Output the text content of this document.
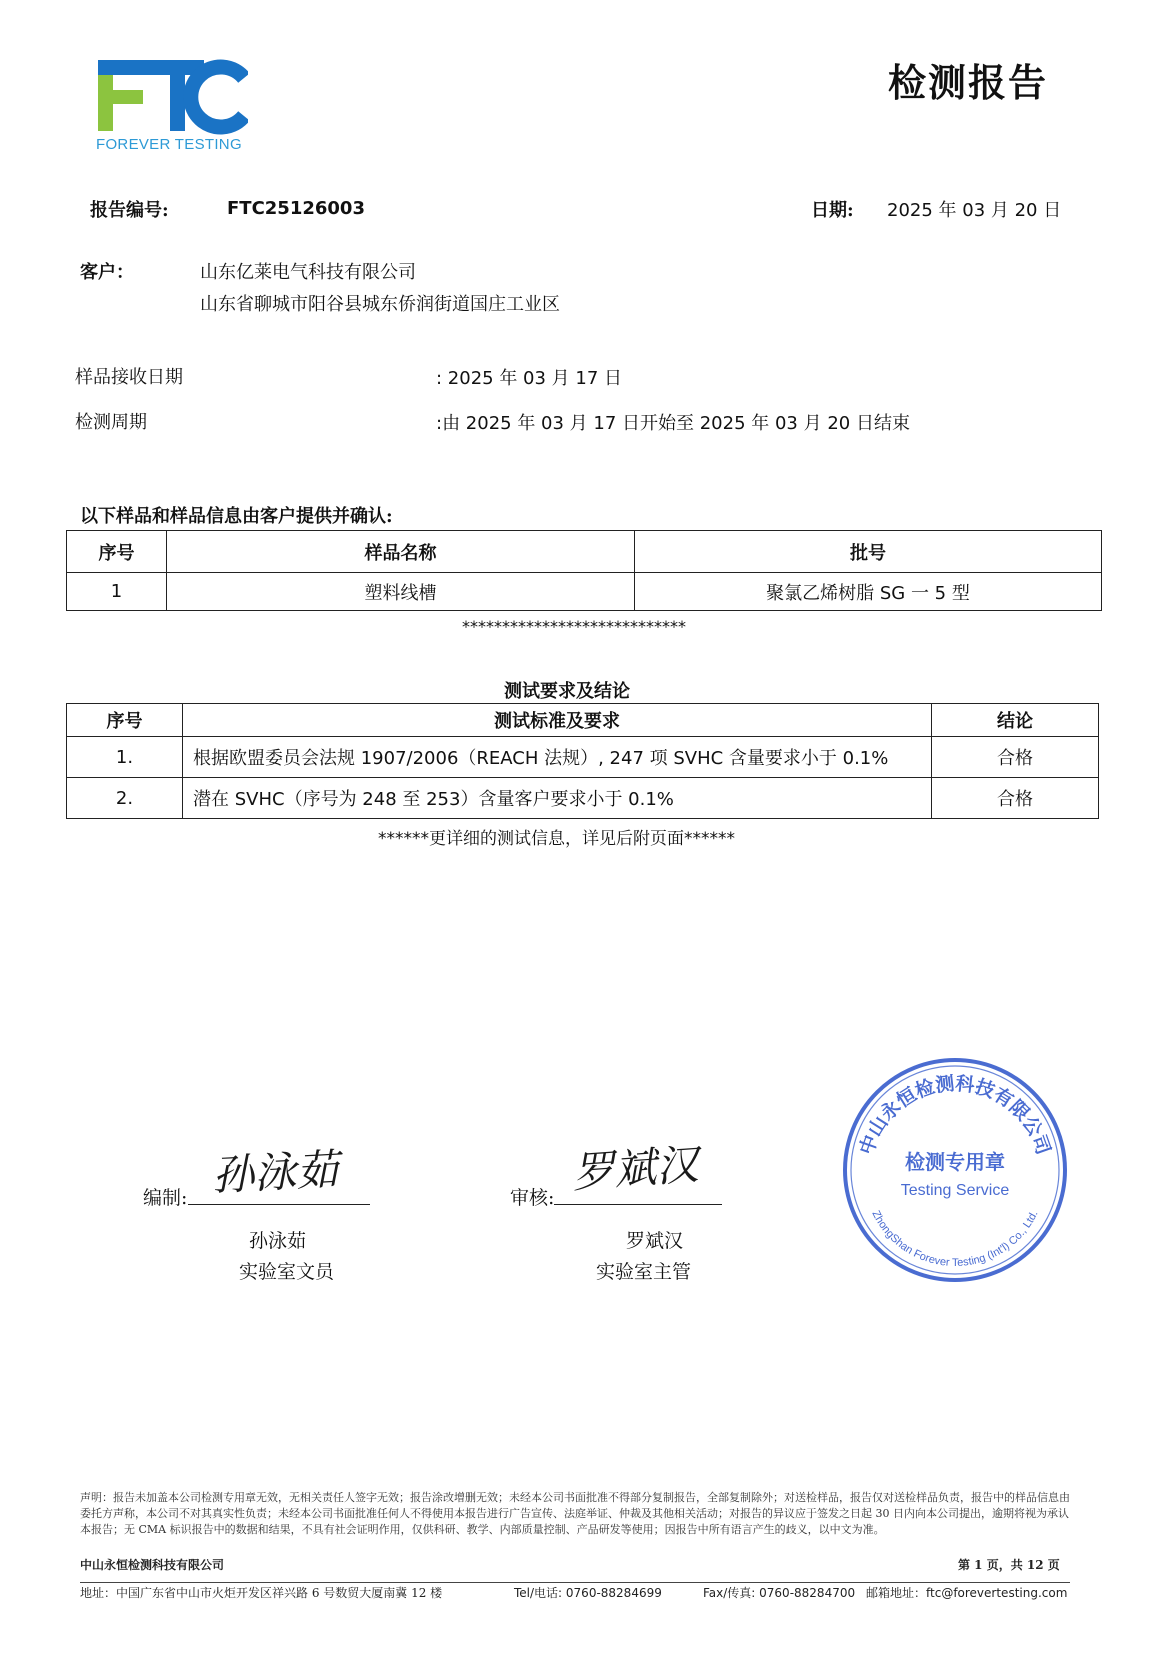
FOREVER TESTING
检测报告
报告编号:	FTC25126003	日期: 2025 年 03 月 20 日
客户：	山东亿莱电气科技有限公司
山东省聊城市阳谷县城东侨润街道国庄工业区
样品接收日期	: 2025 年 03 月 17 日
检测周期	:由 2025 年 03 月 17 日开始至 2025 年 03 月 20 日结束
以下样品和样品信息由客户提供并确认:
序号	样品名称	批号
1	塑料线槽	聚氯乙烯树脂 SG 一 5 型
****************************
测试要求及结论
序号	测试标准及要求	结论
1.	根据欧盟委员会法规 1907/2006（REACH 法规）, 247 项 SVHC 含量要求小于 0.1%	合格
2.	潜在 SVHC（序号为 248 至 253）含量客户要求小于 0.1%	合格
******更详细的测试信息，详见后附页面******
编制: 孙泳茹
孙泳茹
实验室文员
审核:
罗斌汉
罗斌汉
实验室主管
中山永恒检测科技有限公司
检测专用章
Testing Service
ZhongShan Forever Testing (Int'l) Co., Ltd.
声明：报告未加盖本公司检测专用章无效，无相关责任人签字无效；报告涂改增删无效；未经本公司书面批准不得部分复制报告，全部复制除外；对送检样品，报告仅对送检样品负责，报告中的样品信息由委托方声称，本公司不对其真实性负责；未经本公司书面批准任何人不得使用本报告进行广告宣传、法庭举证、仲裁及其他相关活动；对报告的异议应于签发之日起 30 日内向本公司提出，逾期将视为承认本报告；无 CMA 标识报告中的数据和结果，不具有社会证明作用，仅供科研、教学、内部质量控制、产品研发等使用；因报告中所有语言产生的歧义，以中文为准。
中山永恒检测科技有限公司	第 1 页，共 12 页
地址：中国广东省中山市火炬开发区祥兴路 6 号数贸大厦南冀 12 楼	Tel/电话: 0760-88284699	Fax/传真: 0760-88284700 邮箱地址：ftc@forevertesting.com
